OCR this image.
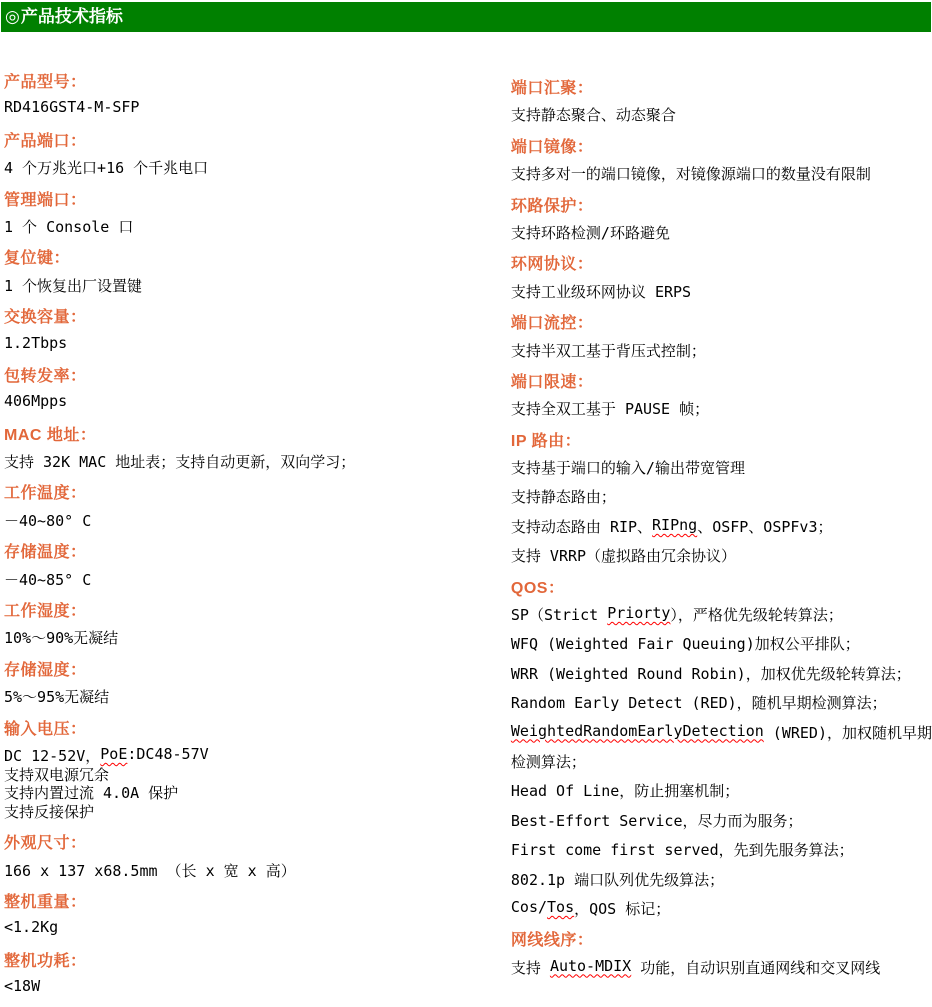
◎产品技术指标
产品型号：
RD416GST4-M-SFP
产品端口：
4 个万兆光口+16 个千兆电口
管理端口：
1 个 Console 口
复位键：
1 个恢复出厂设置键
交换容量：
1.2Tbps
包转发率：
406Mpps
MAC 地址：
支持 32K MAC 地址表；支持自动更新，双向学习；
工作温度：
－40~80° C
存储温度：
－40~85° C
工作湿度：
10%～90%无凝结
存储湿度：
5%～95%无凝结
输入电压：
DC 12-52V， PoE :DC48-57V
支持双电源冗余
支持内置过流 4.0A 保护
支持反接保护
外观尺寸：
166 x 137 x68.5mm （长 x 宽 x 高）
整机重量：
<1.2Kg
整机功耗：
<18W
端口汇聚：
支持静态聚合、动态聚合
端口镜像：
支持多对一的端口镜像，对镜像源端口的数量没有限制
环路保护：
支持环路检测/环路避免
环网协议：
支持工业级环网协议 ERPS
端口流控：
支持半双工基于背压式控制；
端口限速：
支持全双工基于 PAUSE 帧；
IP 路由：
支持基于端口的输入/输出带宽管理
支持静态路由；
支持动态路由 RIP、 RIPng 、OSFP、OSPFv3；
支持 VRRP（虚拟路由冗余协议）
QOS：
SP（Strict Priorty ），严格优先级轮转算法；
WFQ (Weighted Fair Queuing)加权公平排队；
WRR (Weighted Round Robin)，加权优先级轮转算法；
Random Early Detect (RED)，随机早期检测算法；
WeightedRandomEarlyDetection (WRED)，加权随机早期
检测算法；
Head Of Line，防止拥塞机制；
Best-Effort Service，尽力而为服务；
First come first served，先到先服务算法；
802.1p 端口队列优先级算法；
Cos/ Tos ，QOS 标记；
网线线序：
支持 Auto-MDIX 功能，自动识别直通网线和交叉网线
